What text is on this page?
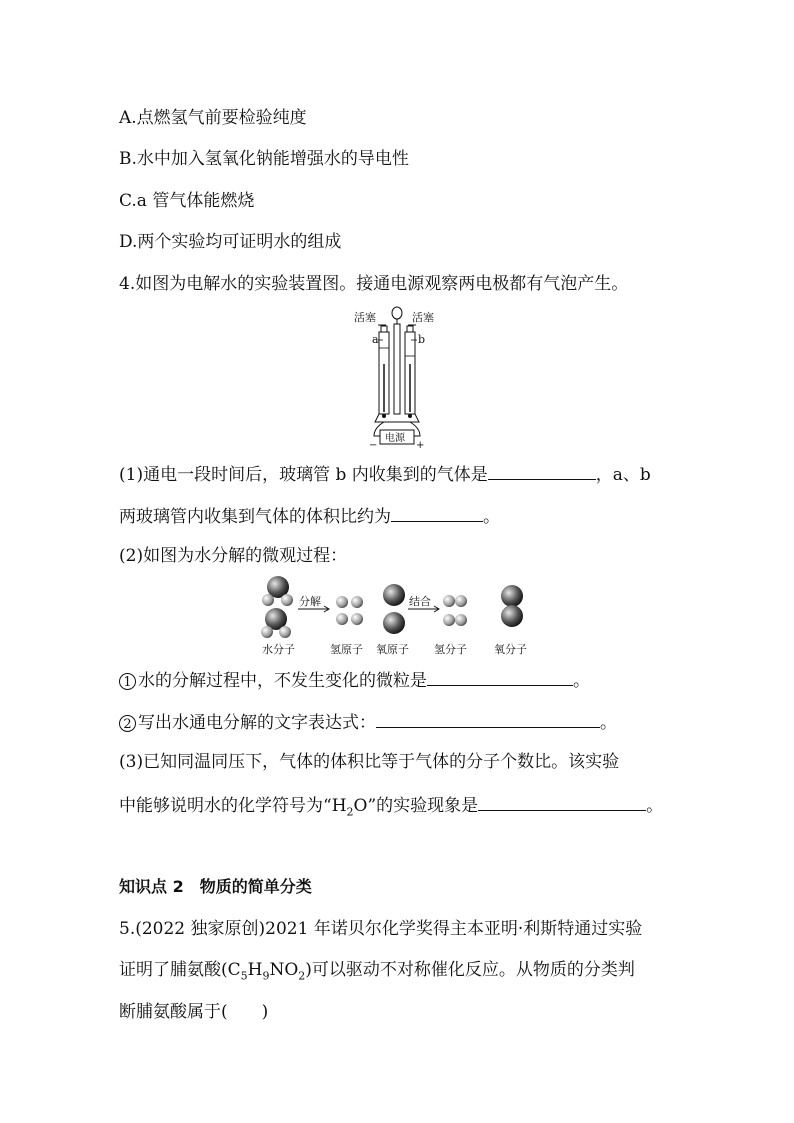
A.点燃氢气前要检验纯度
B.水中加入氢氧化钠能增强水的导电性
C.a 管气体能燃烧
D.两个实验均可证明水的组成
4.如图为电解水的实验装置图。接通电源观察两电极都有气泡产生。
活塞	活塞
a	b
电源
−	+
(1)通电一段时间后，玻璃管 b 内收集到的气体是	，a、b
两玻璃管内收集到气体的体积比约为	。
(2)如图为水分解的微观过程：
水分子
分解
氢原子 氧原子
结合
氢分子 氧分子
1 水的分解过程中，不发生变化的微粒是	。
2 写出水通电分解的文字表达式：	。
(3)已知同温同压下，气体的体积比等于气体的分子个数比。该实验
中能够说明水的化学符号为“$H_2O$”的实验现象是	。
知识点 2　物质的简单分类
5.(2022 独家原创)2021 年诺贝尔化学奖得主本亚明·利斯特通过实验
证明了脯氨酸$(C_5H_9NO_2)$可以驱动不对称催化反应。从物质的分类判
断脯氨酸属于(　　)
